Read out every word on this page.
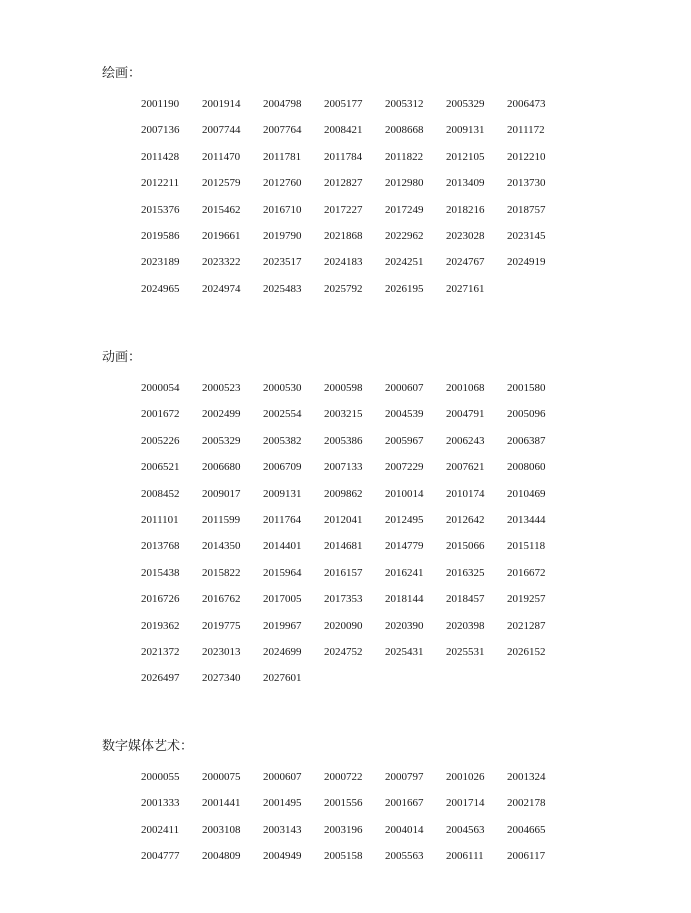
绘画：
2001190	2001914	2004798	2005177	2005312	2005329	2006473
2007136	2007744	2007764	2008421	2008668	2009131	2011172
2011428	2011470	2011781	2011784	2011822	2012105	2012210
2012211	2012579	2012760	2012827	2012980	2013409	2013730
2015376	2015462	2016710	2017227	2017249	2018216	2018757
2019586	2019661	2019790	2021868	2022962	2023028	2023145
2023189	2023322	2023517	2024183	2024251	2024767	2024919
2024965	2024974	2025483	2025792	2026195	2027161
动画：
2000054	2000523	2000530	2000598	2000607	2001068	2001580
2001672	2002499	2002554	2003215	2004539	2004791	2005096
2005226	2005329	2005382	2005386	2005967	2006243	2006387
2006521	2006680	2006709	2007133	2007229	2007621	2008060
2008452	2009017	2009131	2009862	2010014	2010174	2010469
2011101	2011599	2011764	2012041	2012495	2012642	2013444
2013768	2014350	2014401	2014681	2014779	2015066	2015118
2015438	2015822	2015964	2016157	2016241	2016325	2016672
2016726	2016762	2017005	2017353	2018144	2018457	2019257
2019362	2019775	2019967	2020090	2020390	2020398	2021287
2021372	2023013	2024699	2024752	2025431	2025531	2026152
2026497	2027340	2027601
数字媒体艺术：
2000055	2000075	2000607	2000722	2000797	2001026	2001324
2001333	2001441	2001495	2001556	2001667	2001714	2002178
2002411	2003108	2003143	2003196	2004014	2004563	2004665
2004777	2004809	2004949	2005158	2005563	2006111	2006117
